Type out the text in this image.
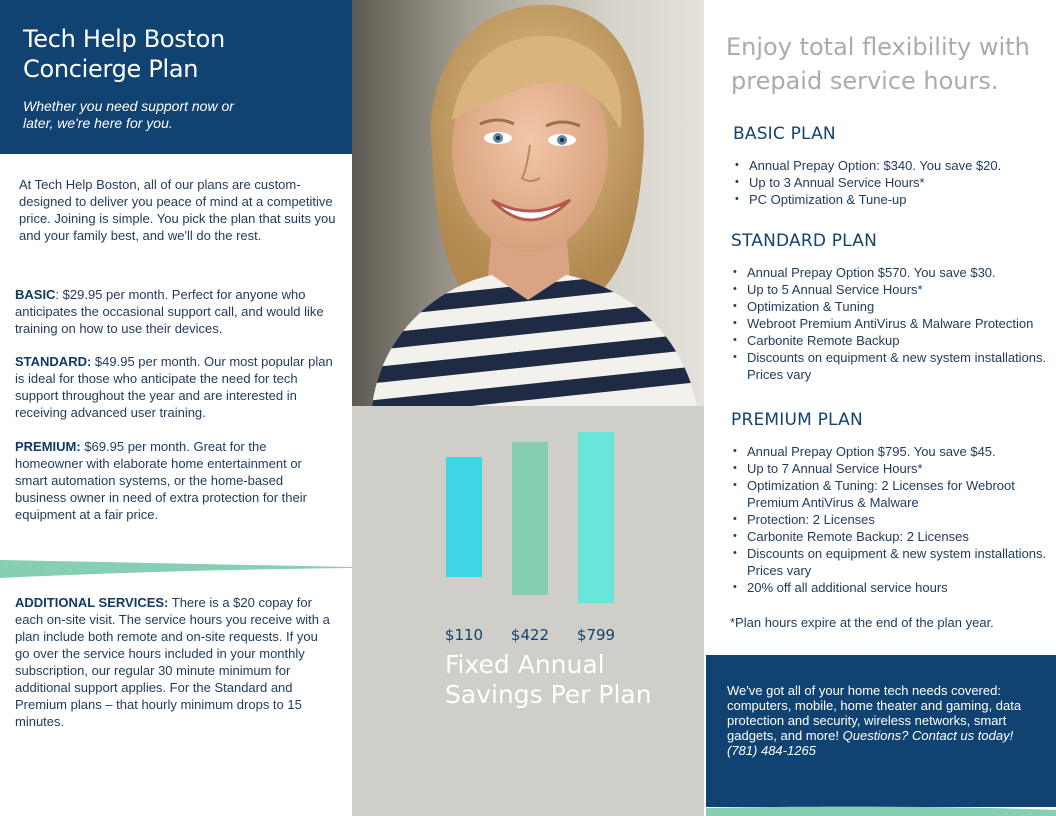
Tech Help Boston
Concierge Plan

Whether you need support now or later, we're here for you.

At Tech Help Boston, all of our plans are custom-designed to deliver you peace of mind at a competitive price. Joining is simple. You pick the plan that suits you and your family best, and we'll do the rest.

BASIC: $29.95 per month. Perfect for anyone who anticipates the occasional support call, and would like training on how to use their devices.

STANDARD: $49.95 per month. Our most popular plan is ideal for those who anticipate the need for tech support throughout the year and are interested in receiving advanced user training.

PREMIUM: $69.95 per month. Great for the homeowner with elaborate home entertainment or smart automation systems, or the home-based business owner in need of extra protection for their equipment at a fair price.

ADDITIONAL SERVICES: There is a $20 copay for each on-site visit. The service hours you receive with a plan include both remote and on-site requests. If you go over the service hours included in your monthly subscription, our regular 30 minute minimum for additional support applies. For the Standard and Premium plans – that hourly minimum drops to 15 minutes.

$110 $422 $799
Fixed Annual
Savings Per Plan
Enjoy total flexibility with
prepaid service hours.
BASIC PLAN
• Annual Prepay Option: $340. You save $20.
• Up to 3 Annual Service Hours*
• PC Optimization & Tune-up
STANDARD PLAN
• Annual Prepay Option $570. You save $30.
• Up to 5 Annual Service Hours*
• Optimization & Tuning
• Webroot Premium AntiVirus & Malware Protection
• Carbonite Remote Backup
• Discounts on equipment & new system installations. Prices vary
PREMIUM PLAN
• Annual Prepay Option $795. You save $45.
• Up to 7 Annual Service Hours*
• Optimization & Tuning: 2 Licenses for Webroot Premium AntiVirus & Malware
• Protection: 2 Licenses
• Carbonite Remote Backup: 2 Licenses
• Discounts on equipment & new system installations. Prices vary
• 20% off all additional service hours

*Plan hours expire at the end of the plan year.

We've got all of your home tech needs covered: computers, mobile, home theater and gaming, data protection and security, wireless networks, smart gadgets, and more! Questions? Contact us today! (781) 484-1265
